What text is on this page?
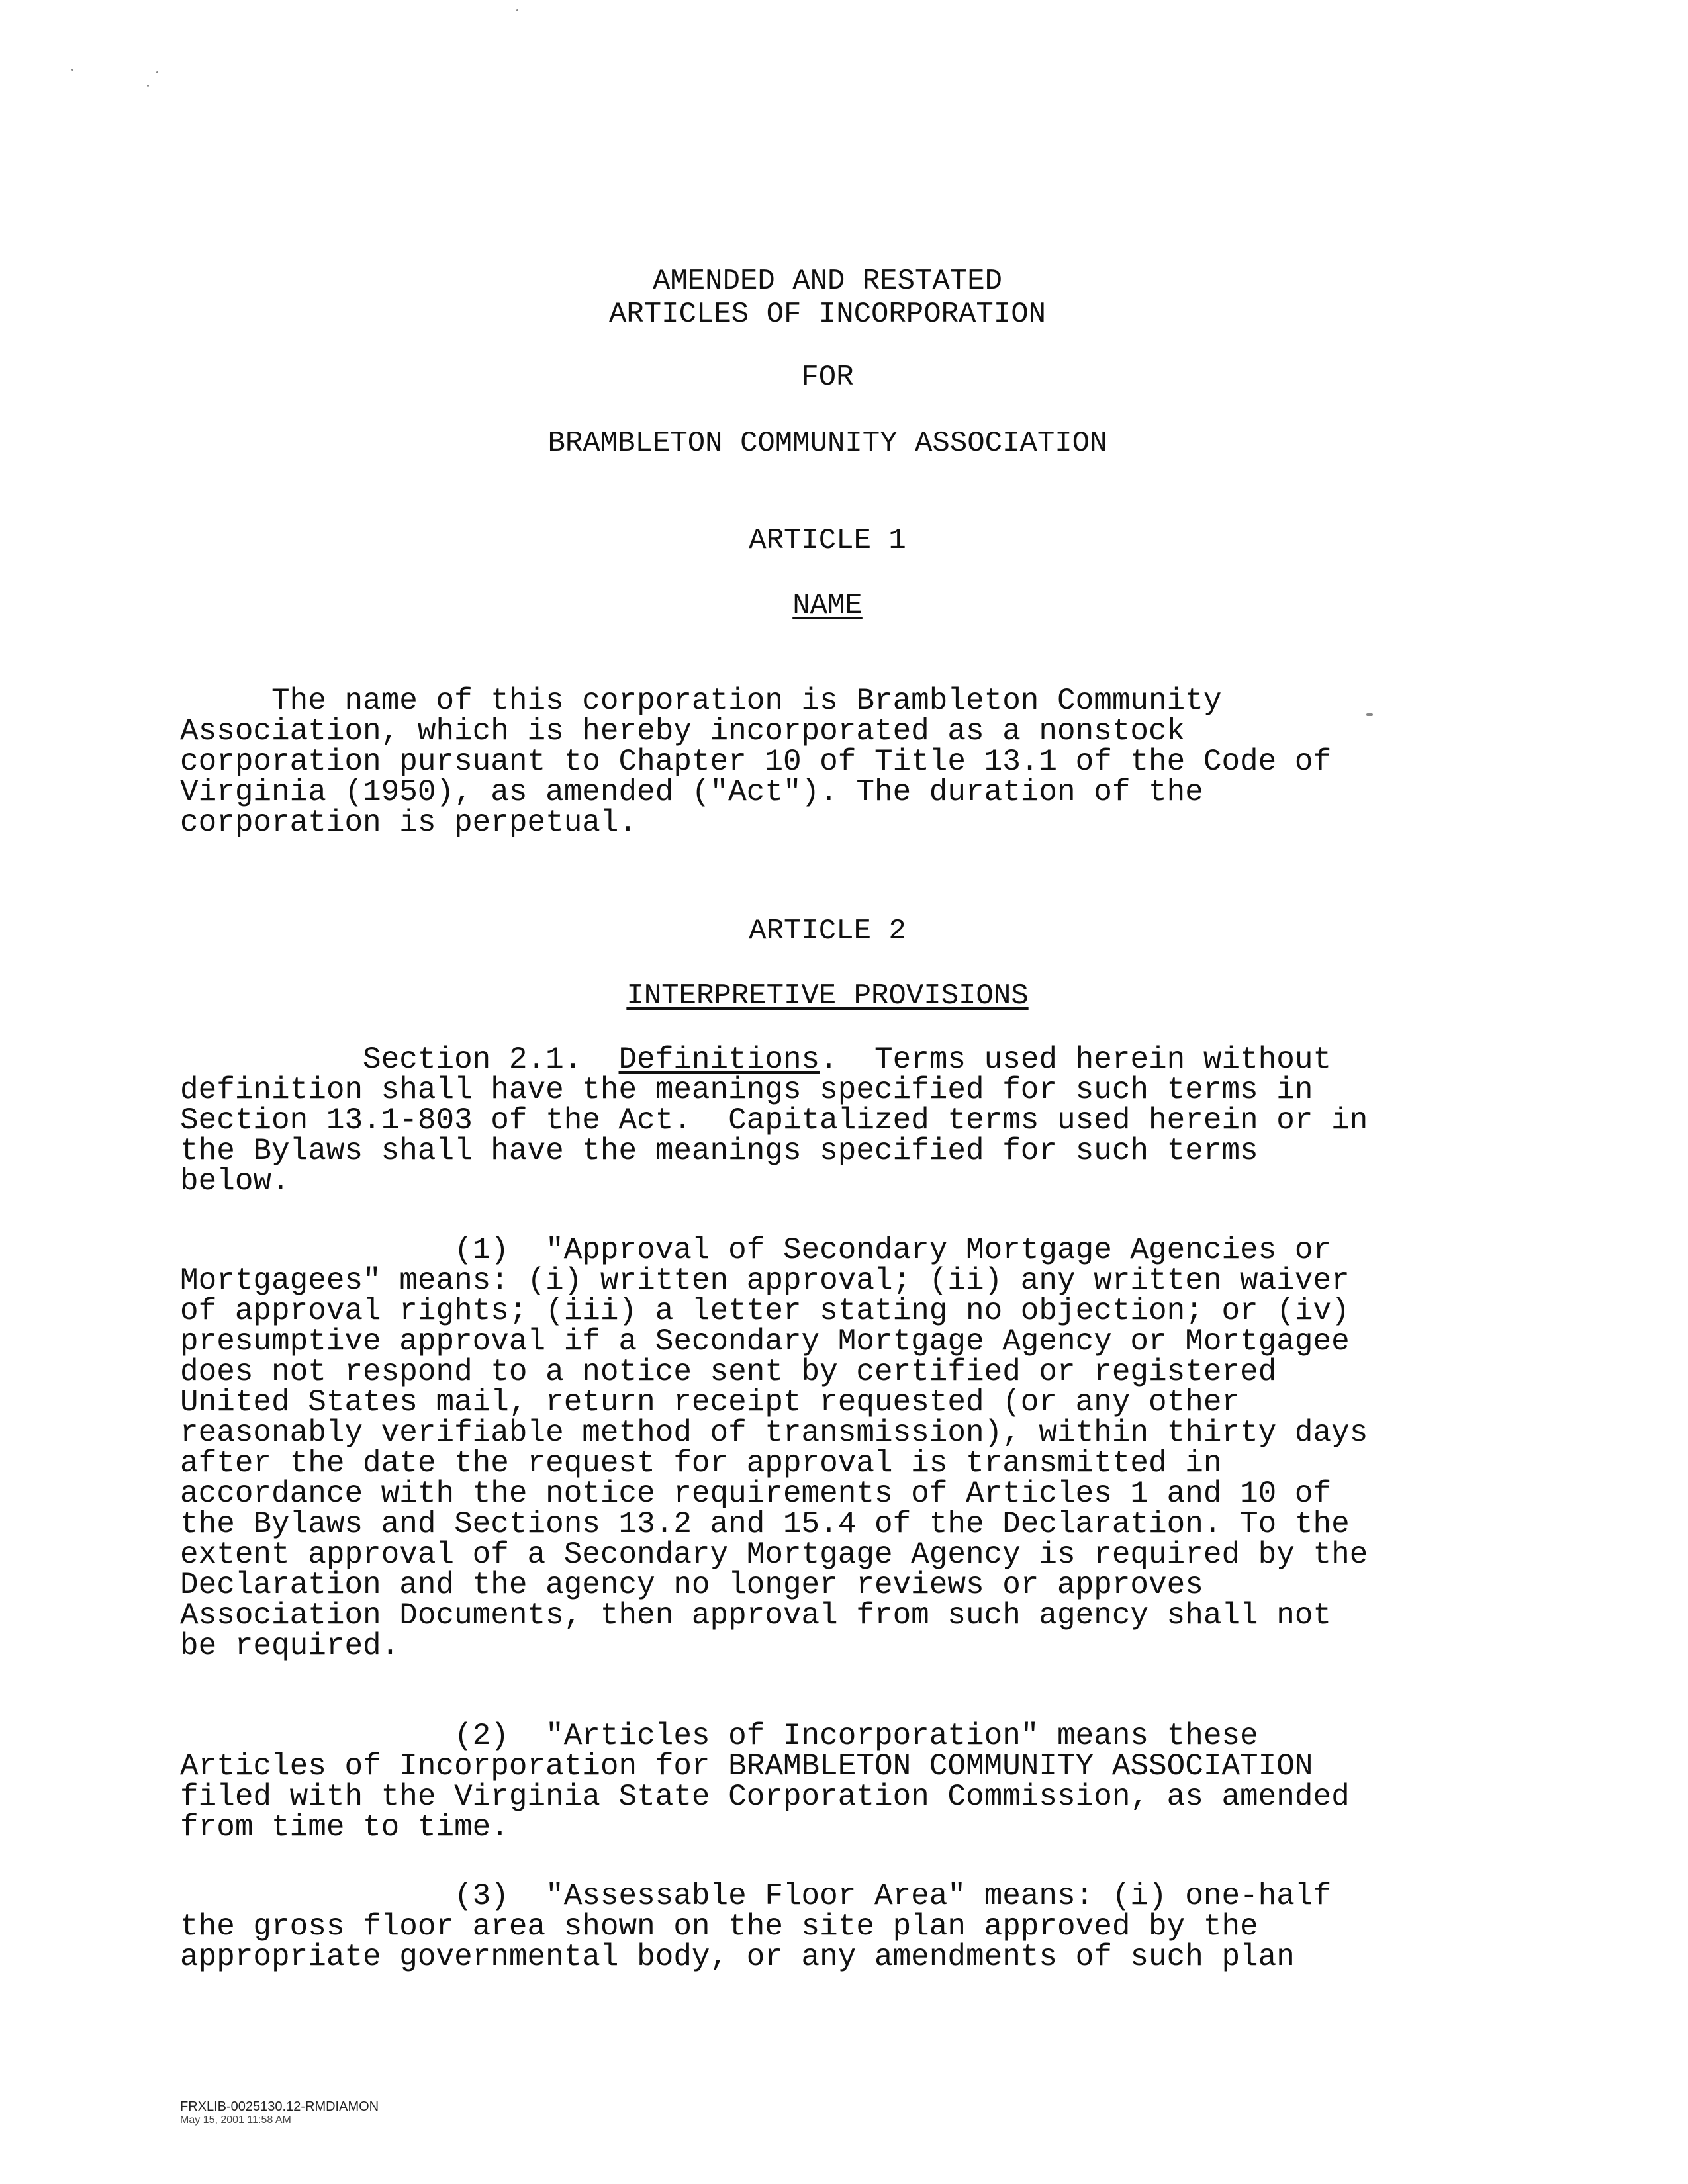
AMENDED AND RESTATED
ARTICLES OF INCORPORATION
FOR
BRAMBLETON COMMUNITY ASSOCIATION
ARTICLE 1
NAME
The name of this corporation is Brambleton Community
Association, which is hereby incorporated as a nonstock
corporation pursuant to Chapter 10 of Title 13.1 of the Code of
Virginia (1950), as amended ("Act"). The duration of the
corporation is perpetual.
ARTICLE 2
INTERPRETIVE PROVISIONS
Section 2.1.  Definitions.  Terms used herein without
definition shall have the meanings specified for such terms in
Section 13.1-803 of the Act.  Capitalized terms used herein or in
the Bylaws shall have the meanings specified for such terms
below.
(1)  "Approval of Secondary Mortgage Agencies or
Mortgagees" means: (i) written approval; (ii) any written waiver
of approval rights; (iii) a letter stating no objection; or (iv)
presumptive approval if a Secondary Mortgage Agency or Mortgagee
does not respond to a notice sent by certified or registered
United States mail, return receipt requested (or any other
reasonably verifiable method of transmission), within thirty days
after the date the request for approval is transmitted in
accordance with the notice requirements of Articles 1 and 10 of
the Bylaws and Sections 13.2 and 15.4 of the Declaration. To the
extent approval of a Secondary Mortgage Agency is required by the
Declaration and the agency no longer reviews or approves
Association Documents, then approval from such agency shall not
be required.
(2)  "Articles of Incorporation" means these
Articles of Incorporation for BRAMBLETON COMMUNITY ASSOCIATION
filed with the Virginia State Corporation Commission, as amended
from time to time.
(3)  "Assessable Floor Area" means: (i) one-half
the gross floor area shown on the site plan approved by the
appropriate governmental body, or any amendments of such plan
FRXLIB-0025130.12-RMDIAMON
May 15, 2001 11:58 AM
